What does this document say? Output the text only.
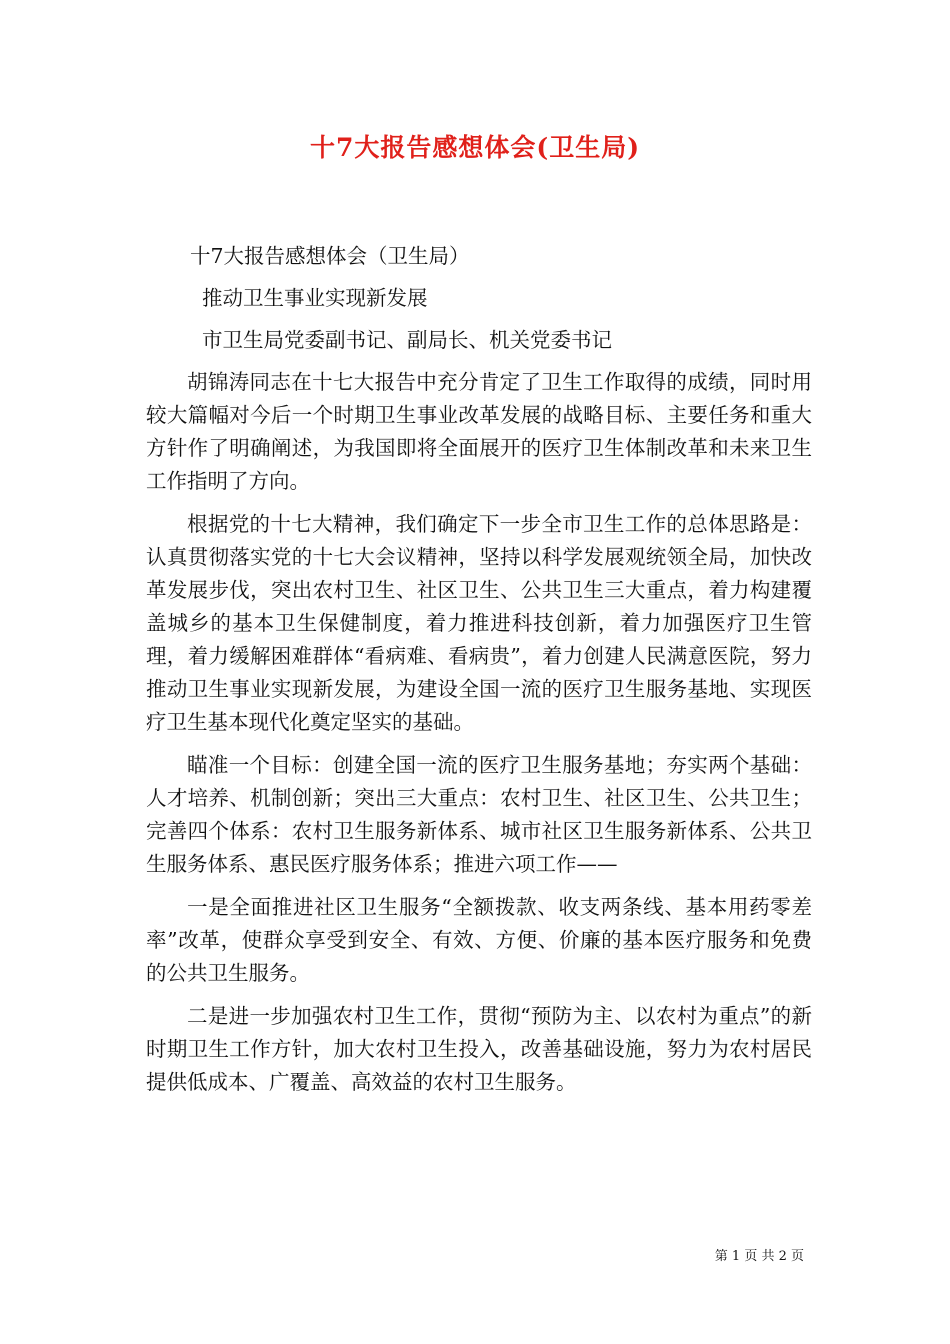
十7大报告感想体会(卫生局)

十7大报告感想体会（卫生局）

推动卫生事业实现新发展

市卫生局党委副书记、副局长、机关党委书记

胡锦涛同志在十七大报告中充分肯定了卫生工作取得的成绩，同时用较大篇幅对今后一个时期卫生事业改革发展的战略目标、主要任务和重大方针作了明确阐述，为我国即将全面展开的医疗卫生体制改革和未来卫生工作指明了方向。

根据党的十七大精神，我们确定下一步全市卫生工作的总体思路是：认真贯彻落实党的十七大会议精神，坚持以科学发展观统领全局，加快改革发展步伐，突出农村卫生、社区卫生、公共卫生三大重点，着力构建覆盖城乡的基本卫生保健制度，着力推进科技创新，着力加强医疗卫生管理，着力缓解困难群体“看病难、看病贵”，着力创建人民满意医院，努力推动卫生事业实现新发展，为建设全国一流的医疗卫生服务基地、实现医疗卫生基本现代化奠定坚实的基础。

瞄准一个目标：创建全国一流的医疗卫生服务基地；夯实两个基础：人才培养、机制创新；突出三大重点：农村卫生、社区卫生、公共卫生；完善四个体系：农村卫生服务新体系、城市社区卫生服务新体系、公共卫生服务体系、惠民医疗服务体系；推进六项工作——

一是全面推进社区卫生服务“全额拨款、收支两条线、基本用药零差率”改革，使群众享受到安全、有效、方便、价廉的基本医疗服务和免费的公共卫生服务。

二是进一步加强农村卫生工作，贯彻“预防为主、以农村为重点”的新时期卫生工作方针，加大农村卫生投入，改善基础设施，努力为农村居民提供低成本、广覆盖、高效益的农村卫生服务。

第 1 页 共 2 页
